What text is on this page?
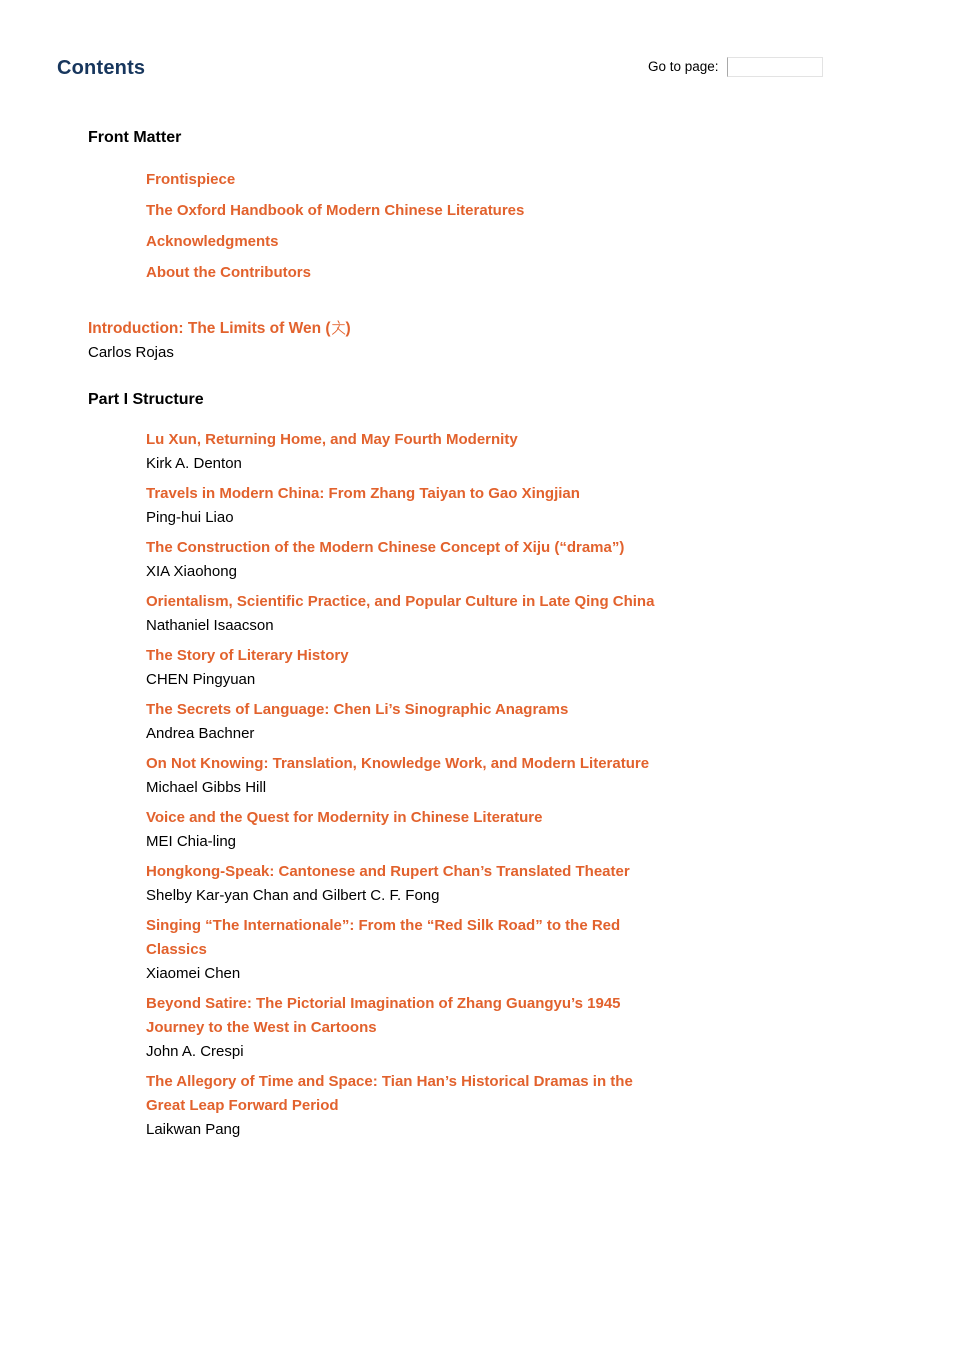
Contents	Go to page:
Front Matter
Frontispiece
The Oxford Handbook of Modern Chinese Literatures
Acknowledgments
About the Contributors
Introduction: The Limits of Wen ( )
Carlos Rojas
Part I Structure
Lu Xun, Returning Home, and May Fourth Modernity
Kirk A. Denton
Travels in Modern China: From Zhang Taiyan to Gao Xingjian
Ping-hui Liao
The Construction of the Modern Chinese Concept of Xiju (“drama”)
XIA Xiaohong
Orientalism, Scientific Practice, and Popular Culture in Late Qing China
Nathaniel Isaacson
The Story of Literary History
CHEN Pingyuan
The Secrets of Language: Chen Li’s Sinographic Anagrams
Andrea Bachner
On Not Knowing: Translation, Knowledge Work, and Modern Literature
Michael Gibbs Hill
Voice and the Quest for Modernity in Chinese Literature
MEI Chia-ling
Hongkong-Speak: Cantonese and Rupert Chan’s Translated Theater
Shelby Kar-yan Chan and Gilbert C. F. Fong
Singing “The Internationale”: From the “Red Silk Road” to the Red
Classics
Xiaomei Chen
Beyond Satire: The Pictorial Imagination of Zhang Guangyu’s 1945
Journey to the West in Cartoons
John A. Crespi
The Allegory of Time and Space: Tian Han’s Historical Dramas in the
Great Leap Forward Period
Laikwan Pang
